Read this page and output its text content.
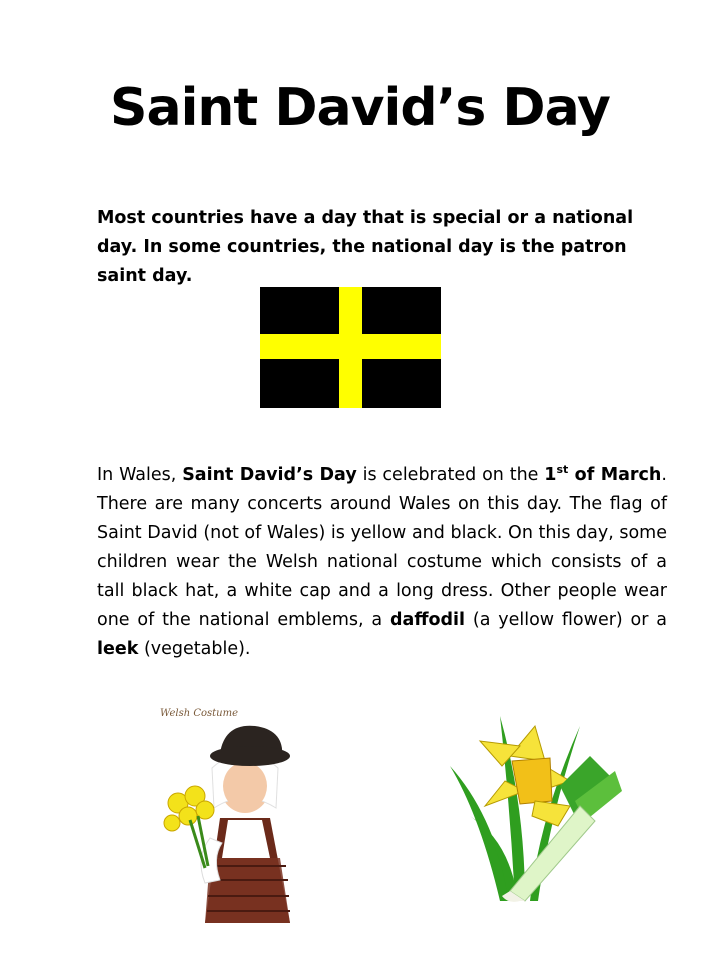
Saint David’s Day

Most countries have a day that is special or a national day. In some countries, the national day is the patron saint day.

In Wales, Saint David’s Day is celebrated on the 1st of March. There are many concerts around Wales on this day. The flag of Saint David (not of Wales) is yellow and black. On this day, some children wear the Welsh national costume which consists of a tall black hat, a white cap and a long dress. Other people wear one of the national emblems, a daffodil (a yellow flower) or a leek (vegetable).

Welsh Costume
